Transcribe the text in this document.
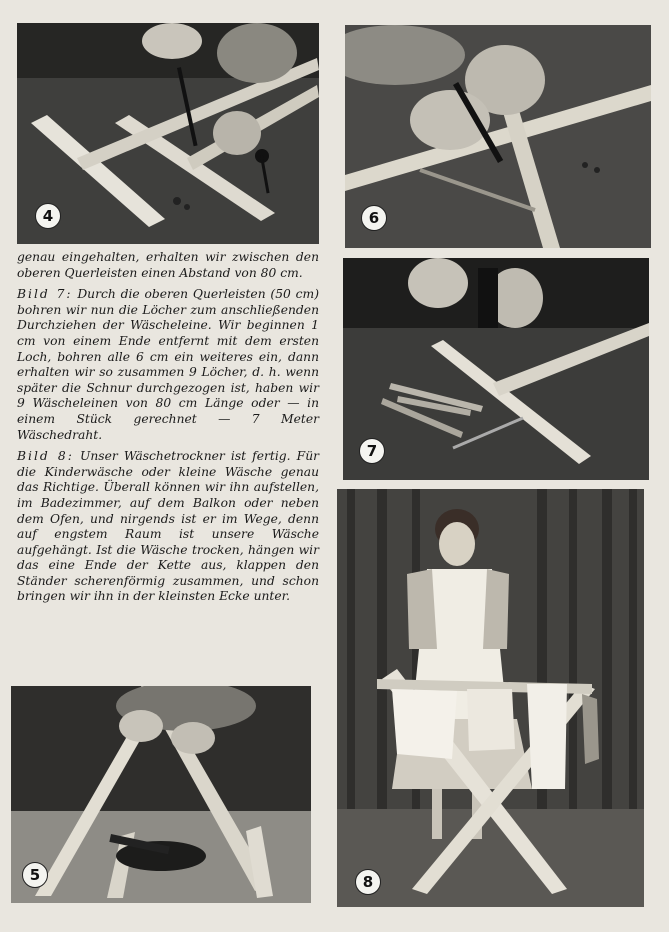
4	6

genau eingehalten, erhalten wir zwischen den oberen Querleisten einen Abstand von 80 cm.

Bild 7: Durch die oberen Querleisten (50 cm) bohren wir nun die Löcher zum anschließenden Durchziehen der Wäscheleine. Wir beginnen 1 cm von einem Ende entfernt mit dem ersten Loch, bohren alle 6 cm ein weiteres ein, dann erhalten wir so zusammen 9 Löcher, d. h. wenn später die Schnur durchgezogen ist, haben wir 9 Wäscheleinen von 80 cm Länge oder — in einem Stück gerechnet — 7 Meter Wäschedraht.

Bild 8: Unser Wäschetrockner ist fertig. Für die Kinderwäsche oder kleine Wäsche genau das Richtige. Überall können wir ihn aufstellen, im Badezimmer, auf dem Balkon oder neben dem Ofen, und nirgends ist er im Wege, denn auf engstem Raum ist unsere Wäsche aufgehängt. Ist die Wäsche trocken, hängen wir das eine Ende der Kette aus, klappen den Ständer scherenförmig zusammen, und schon bringen wir ihn in der kleinsten Ecke unter.

7
5	8
